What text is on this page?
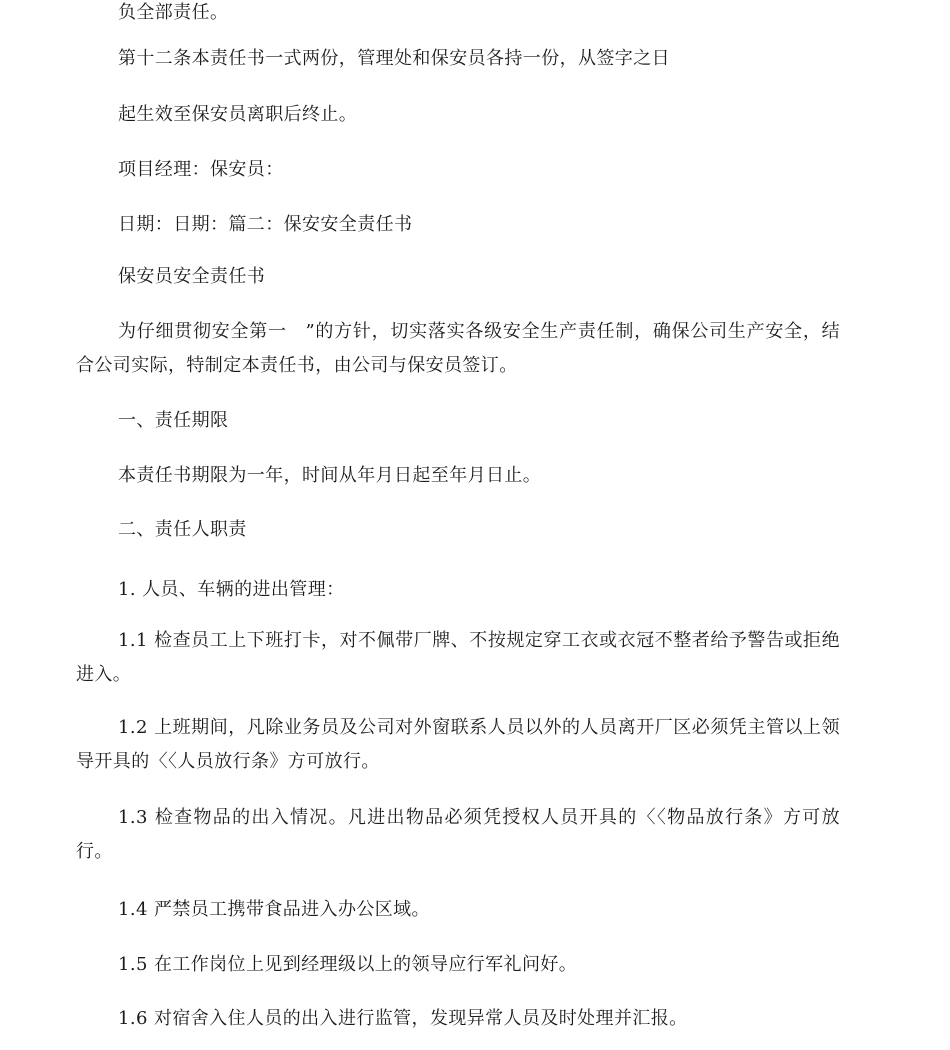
负全部责任。
第十二条本责任书一式两份，管理处和保安员各持一份，从签字之日
起生效至保安员离职后终止。
项目经理：保安员：
日期：日期：篇二：保安安全责任书
保安员安全责任书
为仔细贯彻安全第一　”的方针，切实落实各级安全生产责任制，确保公司生产安全，结合公司实际，特制定本责任书，由公司与保安员签订。
一、责任期限
本责任书期限为一年，时间从年月日起至年月日止。
二、责任人职责
1. 人员、车辆的进出管理：
1.1 检查员工上下班打卡，对不佩带厂牌、不按规定穿工衣或衣冠不整者给予警告或拒绝进入。
1.2 上班期间，凡除业务员及公司对外窗联系人员以外的人员离开厂区必须凭主管以上领导开具的〈〈人员放行条》方可放行。
1.3 检查物品的出入情况。凡进出物品必须凭授权人员开具的〈〈物品放行条》方可放行。
1.4 严禁员工携带食品进入办公区域。
1.5 在工作岗位上见到经理级以上的领导应行军礼问好。
1.6 对宿舍入住人员的出入进行监管，发现异常人员及时处理并汇报。
